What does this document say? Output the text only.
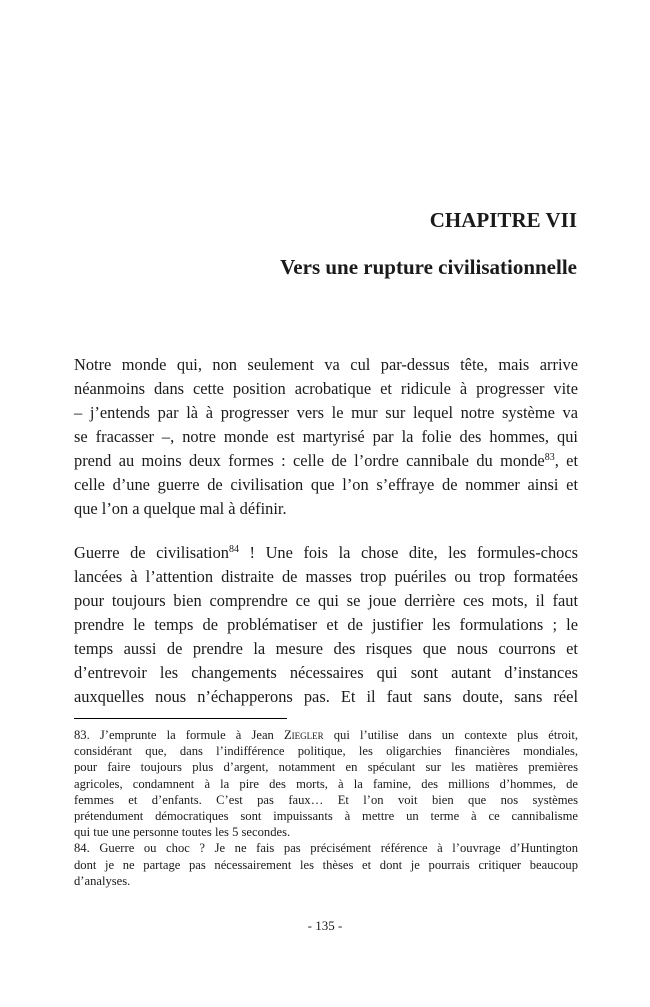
CHAPITRE VII
Vers une rupture civilisationnelle
Notre monde qui, non seulement va cul par-dessus tête, mais arrive
néanmoins dans cette position acrobatique et ridicule à progresser vite
– j’entends par là à progresser vers le mur sur lequel notre système va
se fracasser –, notre monde est martyrisé par la folie des hommes, qui
prend au moins deux formes : celle de l’ordre cannibale du monde$^{83}$, et
celle d’une guerre de civilisation que l’on s’effraye de nommer ainsi et
que l’on a quelque mal à définir.
Guerre de civilisation$^{84}$ ! Une fois la chose dite, les formules-chocs
lancées à l’attention distraite de masses trop puériles ou trop formatées
pour toujours bien comprendre ce qui se joue derrière ces mots, il faut
prendre le temps de problématiser et de justifier les formulations ; le
temps aussi de prendre la mesure des risques que nous courrons et
d’entrevoir les changements nécessaires qui sont autant d’instances
auxquelles nous n’échapperons pas. Et il faut sans doute, sans réel
83. J’emprunte la formule à Jean Ziegler qui l’utilise dans un contexte plus étroit,
considérant que, dans l’indifférence politique, les oligarchies financières mondiales,
pour faire toujours plus d’argent, notamment en spéculant sur les matières premières
agricoles, condamnent à la pire des morts, à la famine, des millions d’hommes, de
femmes et d’enfants. C’est pas faux… Et l’on voit bien que nos systèmes
prétendument démocratiques sont impuissants à mettre un terme à ce cannibalisme
qui tue une personne toutes les 5 secondes.
84. Guerre ou choc ? Je ne fais pas précisément référence à l’ouvrage d’Huntington
dont je ne partage pas nécessairement les thèses et dont je pourrais critiquer beaucoup
d’analyses.
- 135 -
